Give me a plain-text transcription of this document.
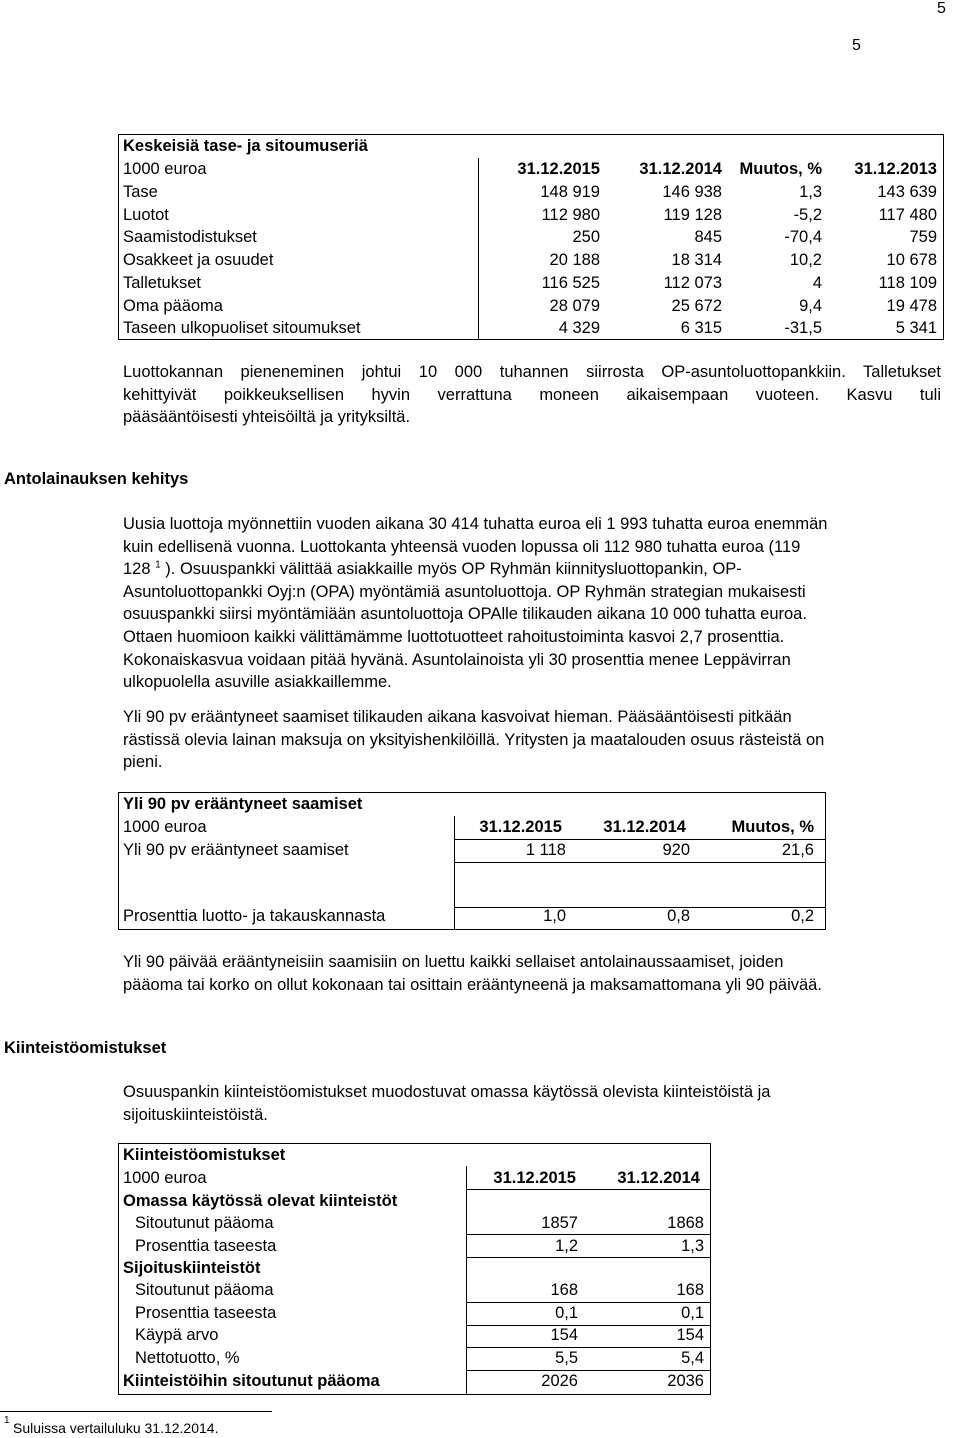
5
5
Keskeisiä tase- ja sitoumuseriä
1000 euroa	31.12.2015	31.12.2014	Muutos, %	31.12.2013
Tase	148 919	146 938	1,3	143 639
Luotot	112 980	119 128	-5,2	117 480
Saamistodistukset	250	845	-70,4	759
Osakkeet ja osuudet	20 188	18 314	10,2	10 678
Talletukset	116 525	112 073	4	118 109
Oma pääoma	28 079	25 672	9,4	19 478
Taseen ulkopuoliset sitoumukset	4 329	6 315	-31,5	5 341
Luottokannan pieneneminen johtui 10 000 tuhannen siirrosta OP-asuntoluottopankkiin. Talletukset
kehittyivät poikkeuksellisen hyvin verrattuna moneen aikaisempaan vuoteen. Kasvu tuli
pääsääntöisesti yhteisöiltä ja yrityksiltä.
Antolainauksen kehitys
Uusia luottoja myönnettiin vuoden aikana 30 414 tuhatta euroa eli 1 993 tuhatta euroa enemmän
kuin edellisenä vuonna. Luottokanta yhteensä vuoden lopussa oli 112 980 tuhatta euroa (119
128 $^1$ ). Osuuspankki välittää asiakkaille myös OP Ryhmän kiinnitysluottopankin, OP-
Asuntoluottopankki Oyj:n (OPA) myöntämiä asuntoluottoja. OP Ryhmän strategian mukaisesti
osuuspankki siirsi myöntämiään asuntoluottoja OPAlle tilikauden aikana 10 000 tuhatta euroa.
Ottaen huomioon kaikki välittämämme luottotuotteet rahoitustoiminta kasvoi 2,7 prosenttia.
Kokonaiskasvua voidaan pitää hyvänä. Asuntolainoista yli 30 prosenttia menee Leppävirran
ulkopuolella asuville asiakkaillemme.
Yli 90 pv erääntyneet saamiset tilikauden aikana kasvoivat hieman. Pääsääntöisesti pitkään
rästissä olevia lainan maksuja on yksityishenkilöillä. Yritysten ja maatalouden osuus rästeistä on
pieni.
Yli 90 pv erääntyneet saamiset
1000 euroa	31.12.2015	31.12.2014	Muutos, %
Yli 90 pv erääntyneet saamiset	1 118	920	21,6
Prosenttia luotto- ja takauskannasta	1,0	0,8	0,2
Yli 90 päivää erääntyneisiin saamisiin on luettu kaikki sellaiset antolainaussaamiset, joiden
pääoma tai korko on ollut kokonaan tai osittain erääntyneenä ja maksamattomana yli 90 päivää.
Kiinteistöomistukset
Osuuspankin kiinteistöomistukset muodostuvat omassa käytössä olevista kiinteistöistä ja
sijoituskiinteistöistä.
Kiinteistöomistukset
1000 euroa	31.12.2015	31.12.2014
Omassa käytössä olevat kiinteistöt
Sitoutunut pääoma	1857	1868
Prosenttia taseesta	1,2	1,3
Sijoituskiinteistöt
Sitoutunut pääoma	168	168
Prosenttia taseesta	0,1	0,1
Käypä arvo	154	154
Nettotuotto, %	5,5	5,4
Kiinteistöihin sitoutunut pääoma	2026	2036
1 Suluissa vertailuluku 31.12.2014.
